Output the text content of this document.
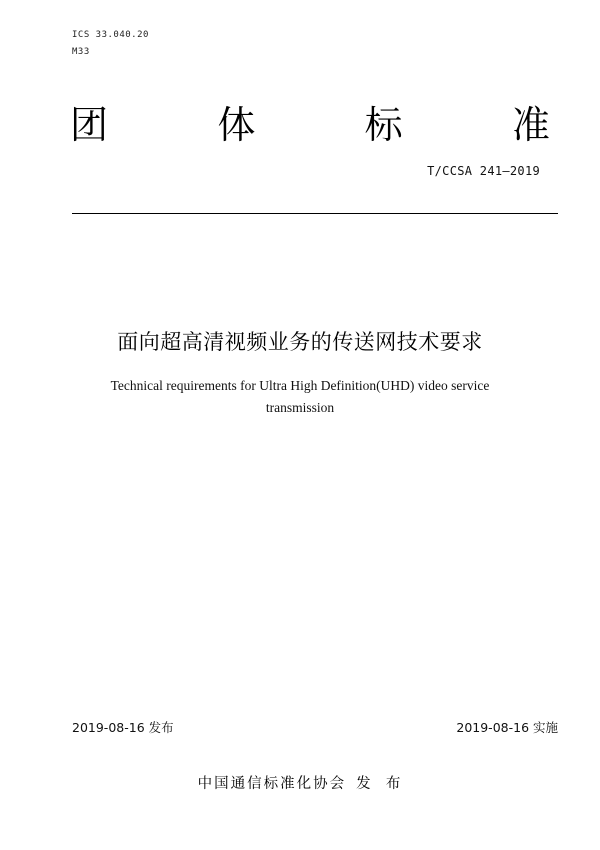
ICS 33.040.20
M33
团	体	标	准
T/CCSA 241—2019
面向超高清视频业务的传送网技术要求
Technical requirements for Ultra High Definition(UHD) video service
transmission
2019-08-16 发布	2019-08-16 实施
中国通信标准化协会 发  布
